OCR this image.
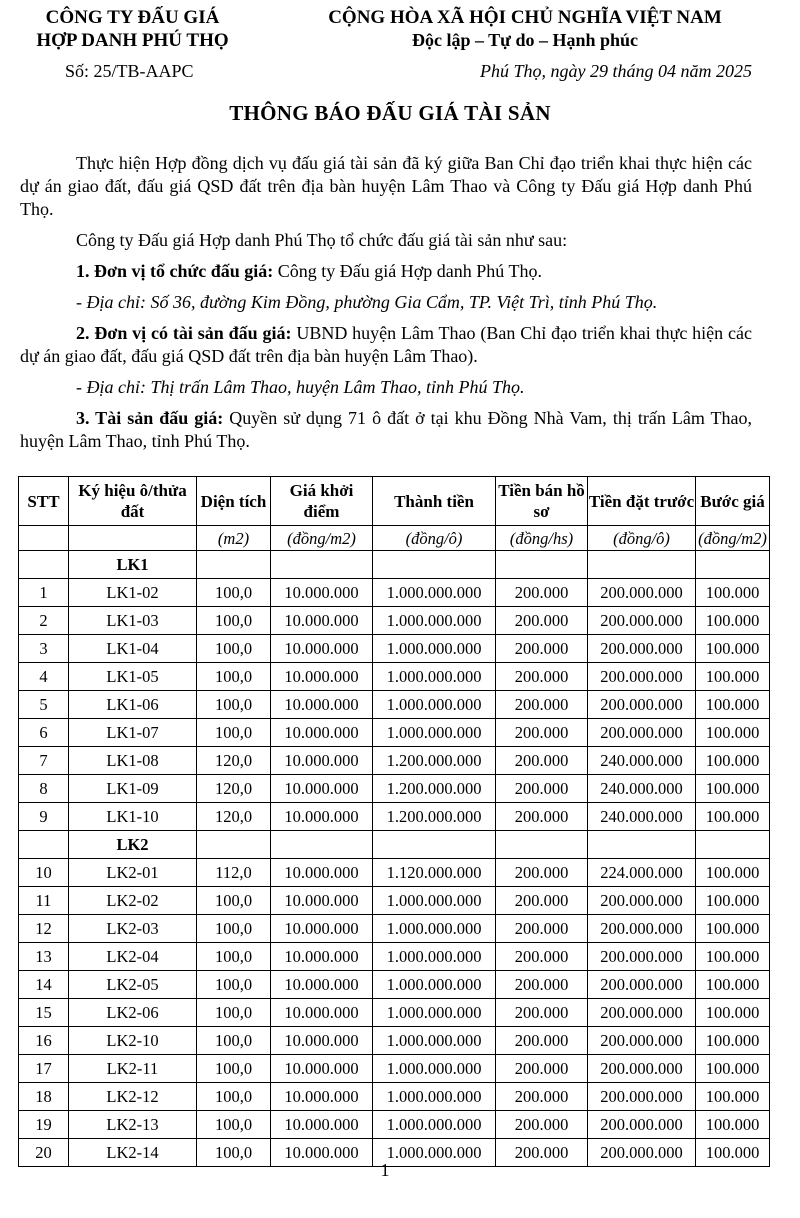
CÔNG TY ĐẤU GIÁ
HỢP DANH PHÚ THỌ
CỘNG HÒA XÃ HỘI CHỦ NGHĨA VIỆT NAM
Độc lập – Tự do – Hạnh phúc
Số: 25/TB-AAPC	Phú Thọ, ngày 29 tháng 04 năm 2025
THÔNG BÁO ĐẤU GIÁ TÀI SẢN

Thực hiện Hợp đồng dịch vụ đấu giá tài sản đã ký giữa Ban Chỉ đạo triển khai thực hiện các dự án giao đất, đấu giá QSD đất trên địa bàn huyện Lâm Thao và Công ty Đấu giá Hợp danh Phú Thọ.

Công ty Đấu giá Hợp danh Phú Thọ tổ chức đấu giá tài sản như sau:

1. Đơn vị tổ chức đấu giá: Công ty Đấu giá Hợp danh Phú Thọ.

- Địa chỉ: Số 36, đường Kim Đồng, phường Gia Cẩm, TP. Việt Trì, tỉnh Phú Thọ.

2. Đơn vị có tài sản đấu giá: UBND huyện Lâm Thao (Ban Chỉ đạo triển khai thực hiện các dự án giao đất, đấu giá QSD đất trên địa bàn huyện Lâm Thao).

- Địa chỉ: Thị trấn Lâm Thao, huyện Lâm Thao, tỉnh Phú Thọ.

3. Tài sản đấu giá: Quyền sử dụng 71 ô đất ở tại khu Đồng Nhà Vam, thị trấn Lâm Thao, huyện Lâm Thao, tỉnh Phú Thọ.

STT	Ký hiệu ô/thửa đất	Diện tích	Giá khởi điểm	Thành tiền	Tiền bán hồ sơ	Tiền đặt trước	Bước giá
		(m2)	(đồng/m2)	(đồng/ô)	(đồng/hs)	(đồng/ô)	(đồng/m2)
	LK1						
1	LK1-02	100,0	10.000.000	1.000.000.000	200.000	200.000.000	100.000
2	LK1-03	100,0	10.000.000	1.000.000.000	200.000	200.000.000	100.000
3	LK1-04	100,0	10.000.000	1.000.000.000	200.000	200.000.000	100.000
4	LK1-05	100,0	10.000.000	1.000.000.000	200.000	200.000.000	100.000
5	LK1-06	100,0	10.000.000	1.000.000.000	200.000	200.000.000	100.000
6	LK1-07	100,0	10.000.000	1.000.000.000	200.000	200.000.000	100.000
7	LK1-08	120,0	10.000.000	1.200.000.000	200.000	240.000.000	100.000
8	LK1-09	120,0	10.000.000	1.200.000.000	200.000	240.000.000	100.000
9	LK1-10	120,0	10.000.000	1.200.000.000	200.000	240.000.000	100.000
	LK2						
10	LK2-01	112,0	10.000.000	1.120.000.000	200.000	224.000.000	100.000
11	LK2-02	100,0	10.000.000	1.000.000.000	200.000	200.000.000	100.000
12	LK2-03	100,0	10.000.000	1.000.000.000	200.000	200.000.000	100.000
13	LK2-04	100,0	10.000.000	1.000.000.000	200.000	200.000.000	100.000
14	LK2-05	100,0	10.000.000	1.000.000.000	200.000	200.000.000	100.000
15	LK2-06	100,0	10.000.000	1.000.000.000	200.000	200.000.000	100.000
16	LK2-10	100,0	10.000.000	1.000.000.000	200.000	200.000.000	100.000
17	LK2-11	100,0	10.000.000	1.000.000.000	200.000	200.000.000	100.000
18	LK2-12	100,0	10.000.000	1.000.000.000	200.000	200.000.000	100.000
19	LK2-13	100,0	10.000.000	1.000.000.000	200.000	200.000.000	100.000
20	LK2-14	100,0	10.000.000	1.000.000.000	200.000	200.000.000	100.000
1
